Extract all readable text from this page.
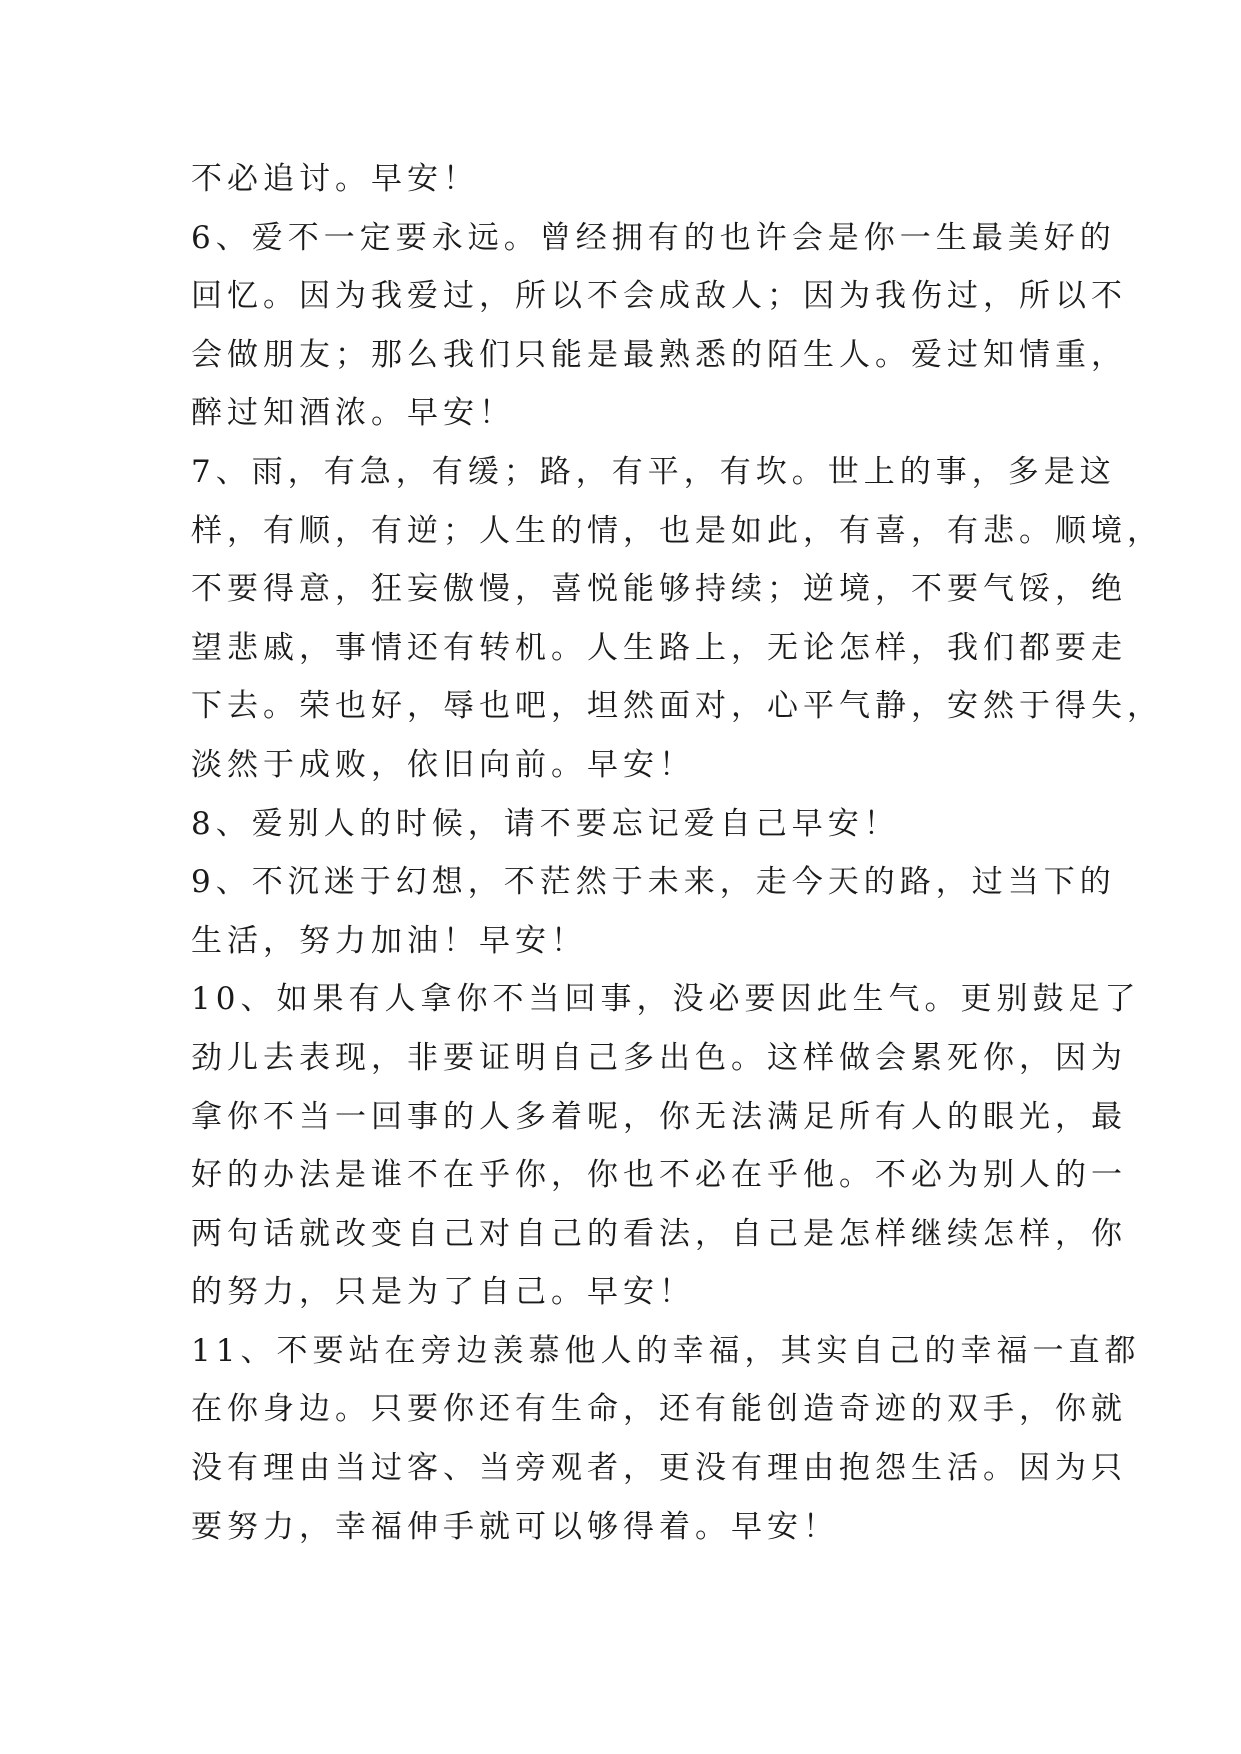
不必追讨。早安！
6、爱不一定要永远。曾经拥有的也许会是你一生最美好的
回忆。因为我爱过，所以不会成敌人；因为我伤过，所以不
会做朋友；那么我们只能是最熟悉的陌生人。爱过知情重，
醉过知酒浓。早安！
7、雨，有急，有缓；路，有平，有坎。世上的事，多是这
样，有顺，有逆；人生的情，也是如此，有喜，有悲。顺境，
不要得意，狂妄傲慢，喜悦能够持续；逆境，不要气馁，绝
望悲戚，事情还有转机。人生路上，无论怎样，我们都要走
下去。荣也好，辱也吧，坦然面对，心平气静，安然于得失，
淡然于成败，依旧向前。早安！
8、爱别人的时候，请不要忘记爱自己早安！
9、不沉迷于幻想，不茫然于未来，走今天的路，过当下的
生活，努力加油！早安！
10、如果有人拿你不当回事，没必要因此生气。更别鼓足了
劲儿去表现，非要证明自己多出色。这样做会累死你，因为
拿你不当一回事的人多着呢，你无法满足所有人的眼光，最
好的办法是谁不在乎你，你也不必在乎他。不必为别人的一
两句话就改变自己对自己的看法，自己是怎样继续怎样，你
的努力，只是为了自己。早安！
11、不要站在旁边羡慕他人的幸福，其实自己的幸福一直都
在你身边。只要你还有生命，还有能创造奇迹的双手，你就
没有理由当过客、当旁观者，更没有理由抱怨生活。因为只
要努力，幸福伸手就可以够得着。早安！
